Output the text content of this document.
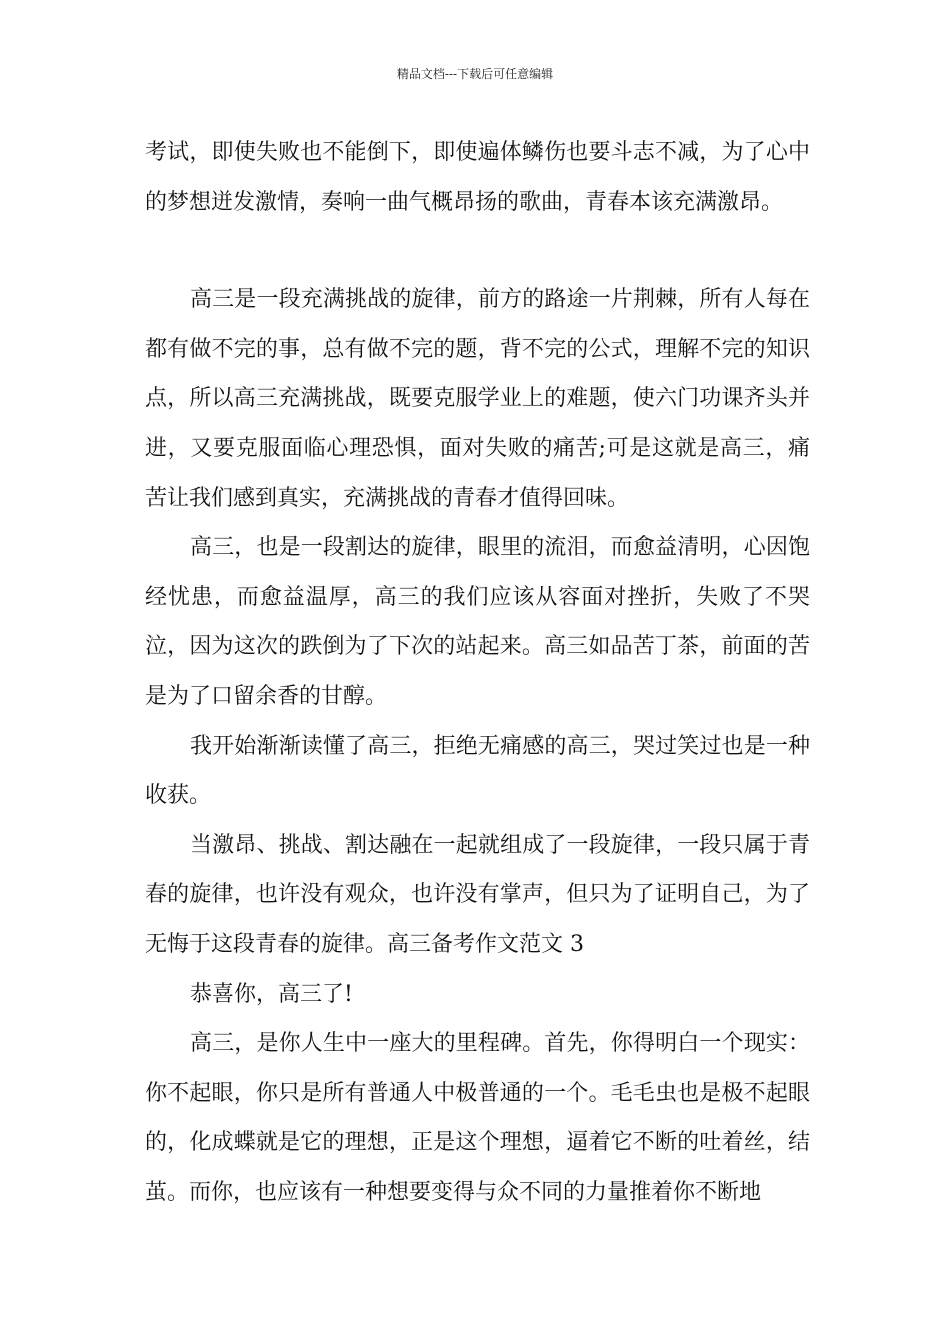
精品文档---下载后可任意编辑

考试，即使失败也不能倒下，即使遍体鳞伤也要斗志不减，为了心中的梦想迸发激情，奏响一曲气概昂扬的歌曲，青春本该充满激昂。

高三是一段充满挑战的旋律，前方的路途一片荆棘，所有人每在都有做不完的事，总有做不完的题，背不完的公式，理解不完的知识点，所以高三充满挑战，既要克服学业上的难题，使六门功课齐头并进，又要克服面临心理恐惧，面对失败的痛苦;可是这就是高三，痛苦让我们感到真实，充满挑战的青春才值得回味。

高三，也是一段割达的旋律，眼里的流泪，而愈益清明，心因饱经忧患，而愈益温厚，高三的我们应该从容面对挫折，失败了不哭泣，因为这次的跌倒为了下次的站起来。高三如品苦丁茶，前面的苦是为了口留余香的甘醇。

我开始渐渐读懂了高三，拒绝无痛感的高三，哭过笑过也是一种收获。

当激昂、挑战、割达融在一起就组成了一段旋律，一段只属于青春的旋律，也许没有观众，也许没有掌声，但只为了证明自己，为了无悔于这段青春的旋律。高三备考作文范文 3

恭喜你，高三了!

高三，是你人生中一座大的里程碑。首先，你得明白一个现实：你不起眼，你只是所有普通人中极普通的一个。毛毛虫也是极不起眼的，化成蝶就是它的理想，正是这个理想，逼着它不断的吐着丝，结茧。而你，也应该有一种想要变得与众不同的力量推着你不断地
